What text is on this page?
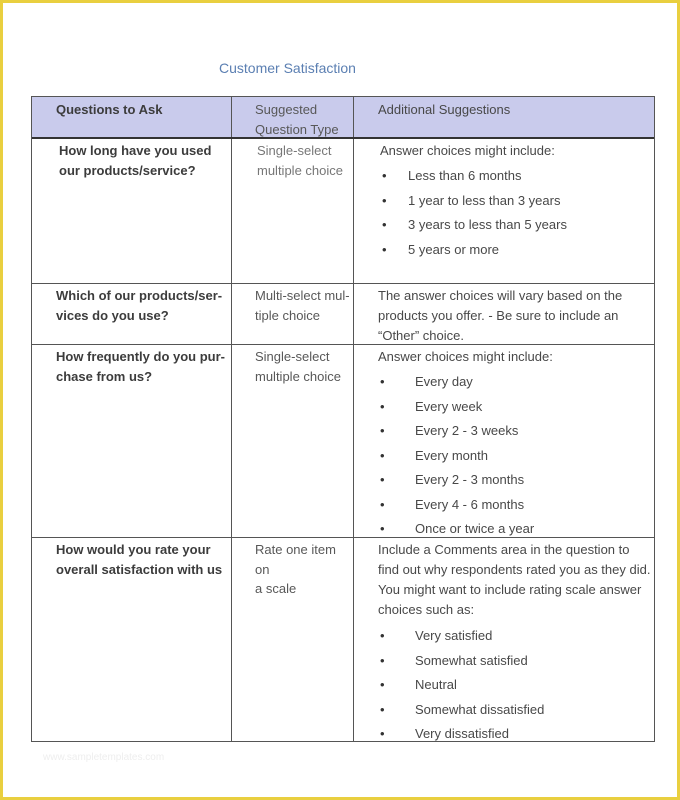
Customer Satisfaction
Questions to Ask	Suggested
Question Type
Additional Suggestions
How long have you used
our products/service?
Single-select
multiple choice
Answer choices might include:
• Less than 6 months
• 1 year to less than 3 years
• 3 years to less than 5 years
• 5 years or more
Which of our products/ser-
vices do you use?
Multi-select mul-
tiple choice
The answer choices will vary based on the products you offer. - Be sure to include an “Other” choice.
How frequently do you pur-
chase from us?
Single-select
multiple choice
Answer choices might include:
• Every day
• Every week
• Every 2 - 3 weeks
• Every month
• Every 2 - 3 months
• Every 4 - 6 months
• Once or twice a year
How would you rate your
overall satisfaction with us
Rate one item on
a scale
Include a Comments area in the question to find out why respondents rated you as they did. You might want to include rating scale answer choices such as:
• Very satisfied
• Somewhat satisfied
• Neutral
• Somewhat dissatisfied
• Very dissatisfied
www.sampletemplates.com
